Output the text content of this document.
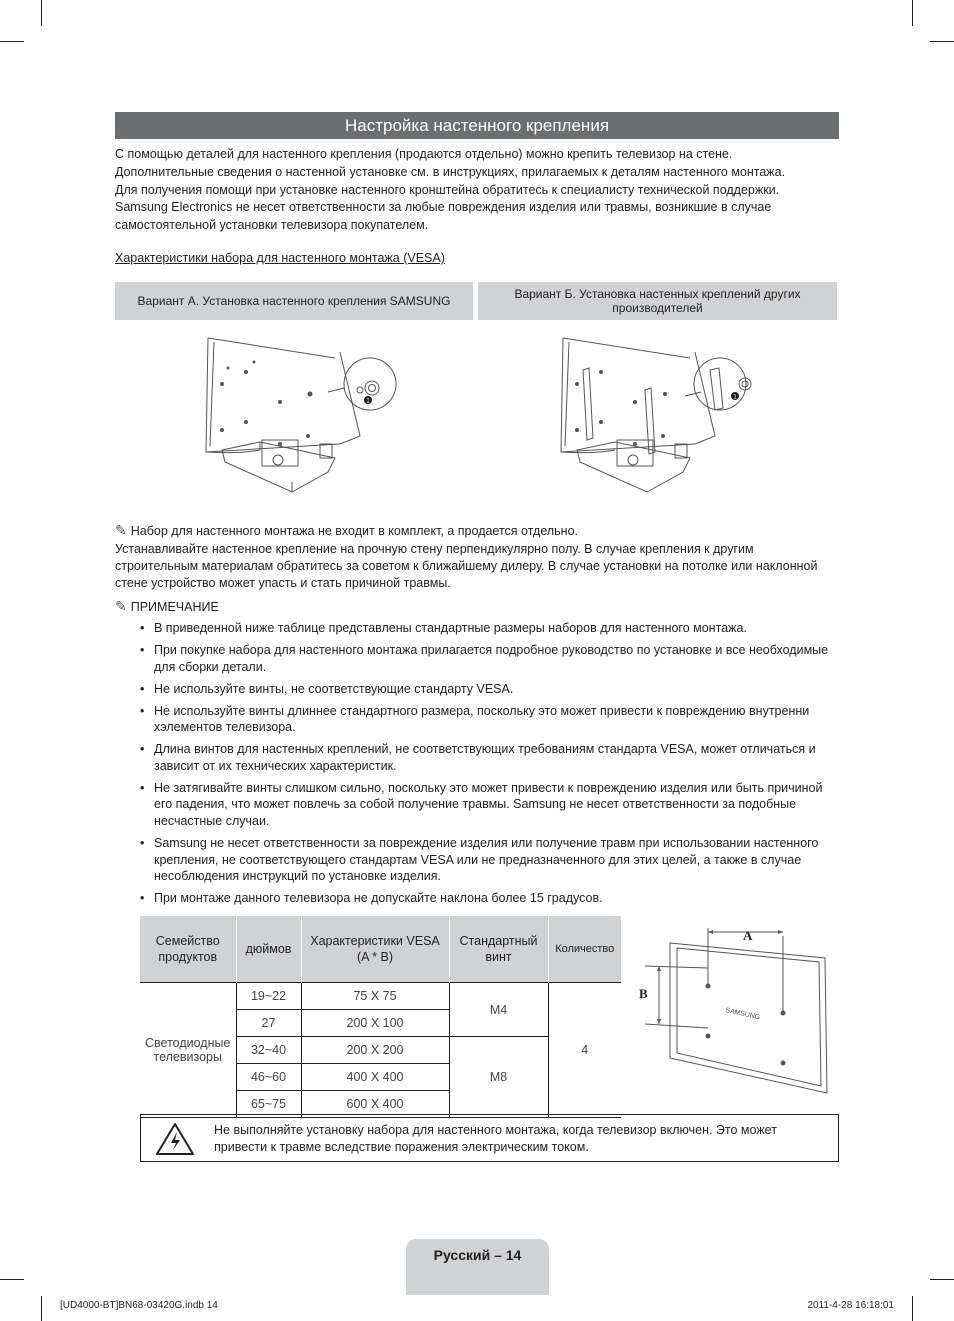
Настройка настенного крепления

С помощью деталей для настенного крепления (продаются отдельно) можно крепить телевизор на стене.

Дополнительные сведения о настенной установке см. в инструкциях, прилагаемых к деталям настенного монтажа.

Для получения помощи при установке настенного кронштейна обратитесь к специалисту технической поддержки.

Samsung Electronics не несет ответственности за любые повреждения изделия или травмы, возникшие в случае самостоятельной установки телевизора покупателем.

Характеристики набора для настенного монтажа (VESA)
Вариант А. Установка настенного крепления SAMSUNG	Вариант Б. Установка настенных креплений других производителей
1
1
✎ Набор для настенного монтажа не входит в комплект, а продается отдельно.

Устанавливайте настенное крепление на прочную стену перпендикулярно полу. В случае крепления к другим строительным материалам обратитесь за советом к ближайшему дилеру. В случае установки на потолке или наклонной стене устройство может упасть и стать причиной травмы.

✎ ПРИМЕЧАНИЕ
• В приведенной ниже таблице представлены стандартные размеры наборов для настенного монтажа.
• При покупке набора для настенного монтажа прилагается подробное руководство по установке и все необходимые для сборки детали.
• Не используйте винты, не соответствующие стандарту VESA.
• Не используйте винты длиннее стандартного размера, поскольку это может привести к повреждению внутренни хэлементов телевизора.
• Длина винтов для настенных креплений, не соответствующих требованиям стандарта VESA, может отличаться и зависит от их технических характеристик.
• Не затягивайте винты слишком сильно, поскольку это может привести к повреждению изделия или быть причиной его падения, что может повлечь за собой получение травмы. Samsung не несет ответственности за подобные несчастные случаи.
• Samsung не несет ответственности за повреждение изделия или получение травм при использовании настенного крепления, не соответствующего стандартам VESA или не предназначенного для этих целей, а также в случае несоблюдения инструкций по установке изделия.
• При монтаже данного телевизора не допускайте наклона более 15 градусов.
Семейство продуктов	дюймов	Характеристики VESA (A * B)	Стандартный винт	Количество
Светодиодные телевизоры	19~22	75 X 75	M4	4
	27	200 X 100		
	32~40	200 X 200	M8	
	46~60	400 X 400		
	65~75	600 X 400		
A
B
SAMSUNG
Не выполняйте установку набора для настенного монтажа, когда телевизор включен. Это может привести к травме вследствие поражения электрическим током.
Русский – 14
[UD4000-BT]BN68-03420G.indb 14	2011-4-28 16:18:01
